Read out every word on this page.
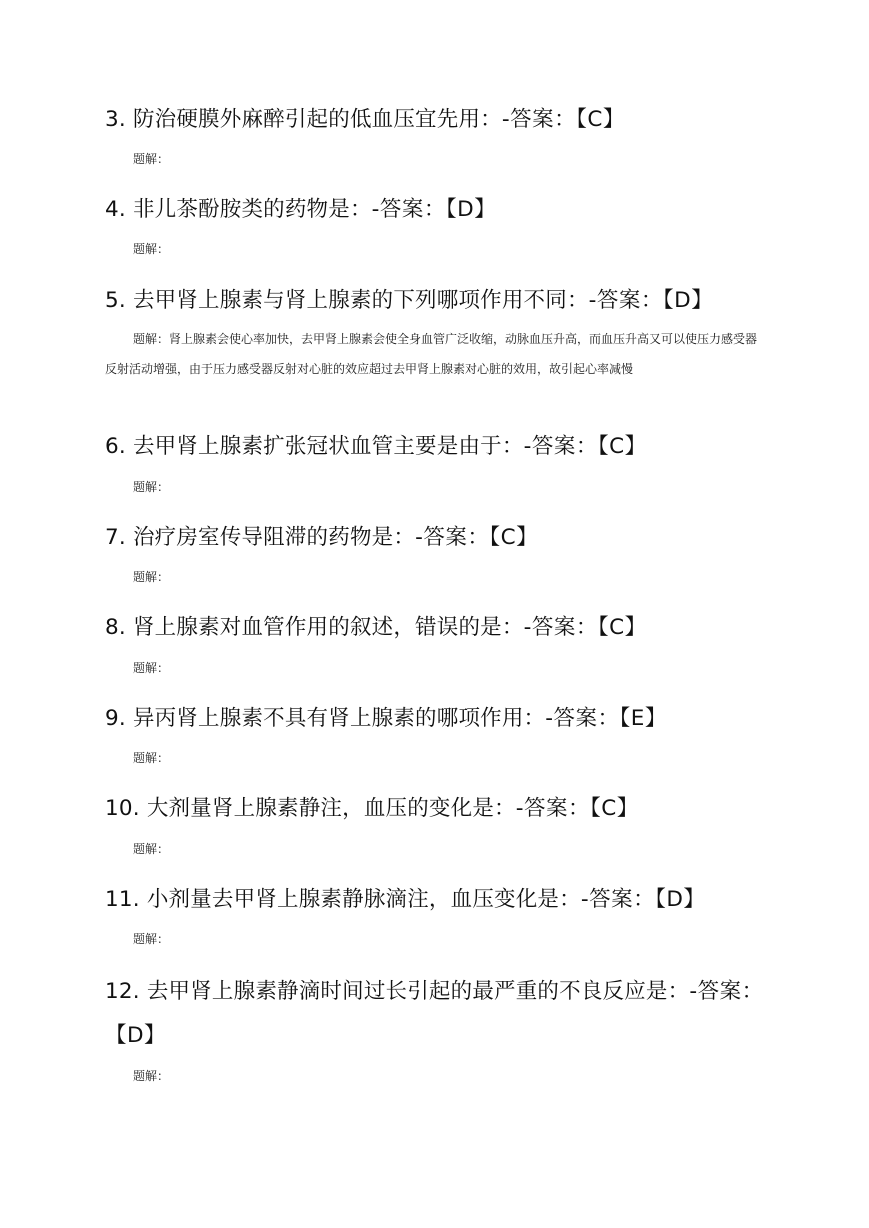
3. 防治硬膜外麻醉引起的低血压宜先用：-答案：【C】
题解：
4. 非儿茶酚胺类的药物是：-答案：【D】
题解：
5. 去甲肾上腺素与肾上腺素的下列哪项作用不同：-答案：【D】
题解：肾上腺素会使心率加快，去甲肾上腺素会使全身血管广泛收缩，动脉血压升高，而血压升高又可以使压力感受器反射活动增强，由于压力感受器反射对心脏的效应超过去甲肾上腺素对心脏的效用，故引起心率减慢
6. 去甲肾上腺素扩张冠状血管主要是由于：-答案：【C】
题解：
7. 治疗房室传导阻滞的药物是：-答案：【C】
题解：
8. 肾上腺素对血管作用的叙述，错误的是：-答案：【C】
题解：
9. 异丙肾上腺素不具有肾上腺素的哪项作用：-答案：【E】
题解：
10. 大剂量肾上腺素静注，血压的变化是：-答案：【C】
题解：
11. 小剂量去甲肾上腺素静脉滴注，血压变化是：-答案：【D】
题解：
12. 去甲肾上腺素静滴时间过长引起的最严重的不良反应是：-答案：【D】
题解：
